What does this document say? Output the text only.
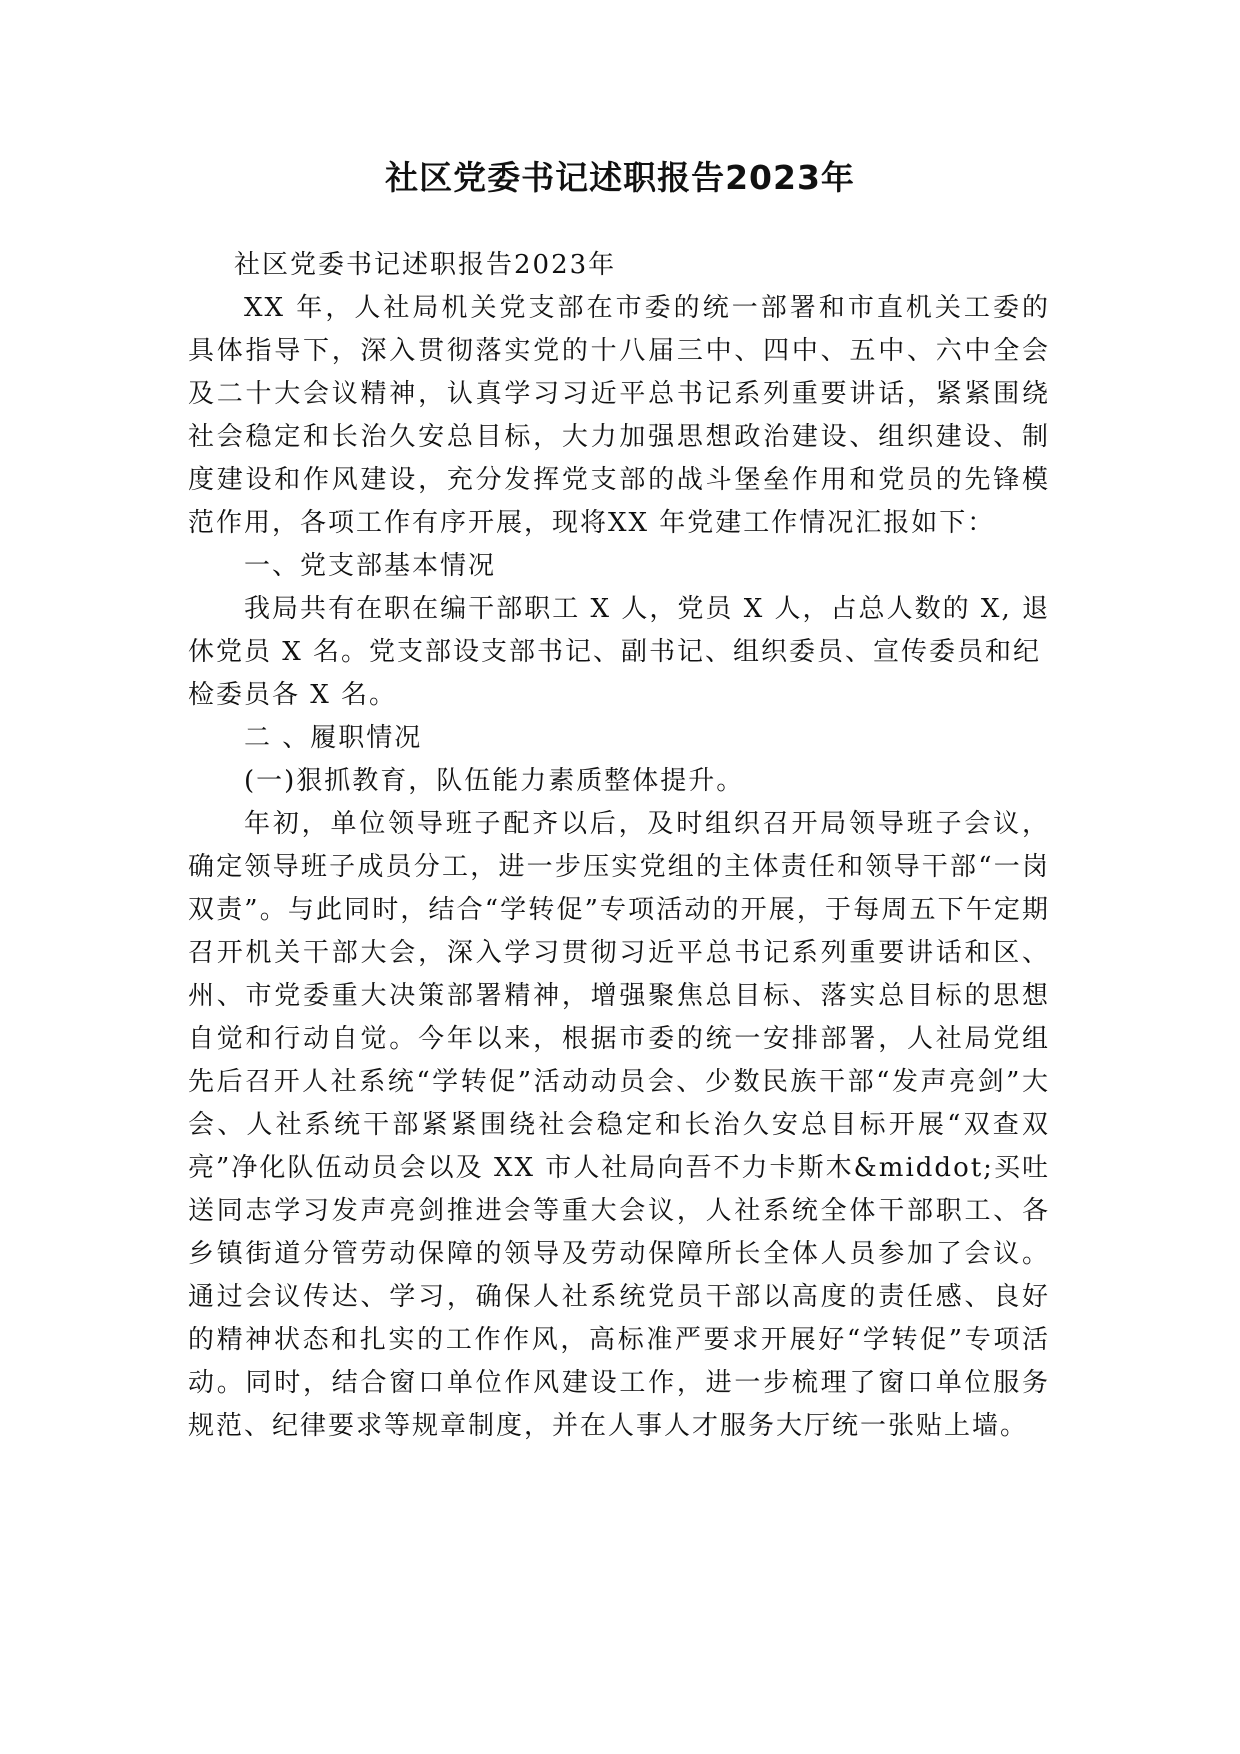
社区党委书记述职报告2023年

社区党委书记述职报告2023年

XX 年，人社局机关党支部在市委的统一部署和市直机关工委的具体指导下，深入贯彻落实党的十八届三中、四中、五中、六中全会及二十大会议精神，认真学习习近平总书记系列重要讲话，紧紧围绕社会稳定和长治久安总目标，大力加强思想政治建设、组织建设、制度建设和作风建设，充分发挥党支部的战斗堡垒作用和党员的先锋模范作用，各项工作有序开展，现将XX 年党建工作情况汇报如下：

一、党支部基本情况

我局共有在职在编干部职工 X 人，党员 X 人，占总人数的 X, 退 休党员 X 名。党支部设支部书记、副书记、组织委员、宣传委员和纪

检委员各 X 名。

二 、履职情况

(一)狠抓教育，队伍能力素质整体提升。

年初，单位领导班子配齐以后，及时组织召开局领导班子会议，确定领导班子成员分工，进一步压实党组的主体责任和领导干部“一岗双责”。与此同时，结合“学转促”专项活动的开展，于每周五下午定期召开机关干部大会，深入学习贯彻习近平总书记系列重要讲话和区、州、市党委重大决策部署精神，增强聚焦总目标、落实总目标的思想自觉和行动自觉。今年以来，根据市委的统一安排部署，人社局党组先后召开人社系统“学转促”活动动员会、少数民族干部“发声亮剑”大会、人社系统干部紧紧围绕社会稳定和长治久安总目标开展“双查双亮”净化队伍动员会以及 XX 市人社局向吾不力卡斯木&middot;买吐送同志学习发声亮剑推进会等重大会议，人社系统全体干部职工、各乡镇街道分管劳动保障的领导及劳动保障所长全体人员参加了会议。通过会议传达、学习，确保人社系统党员干部以高度的责任感、良好的精神状态和扎实的工作作风，高标准严要求开展好“学转促”专项活动。同时，结合窗口单位作风建设工作，进一步梳理了窗口单位服务规范、纪律要求等规章制度，并在人事人才服务大厅统一张贴上墙。
